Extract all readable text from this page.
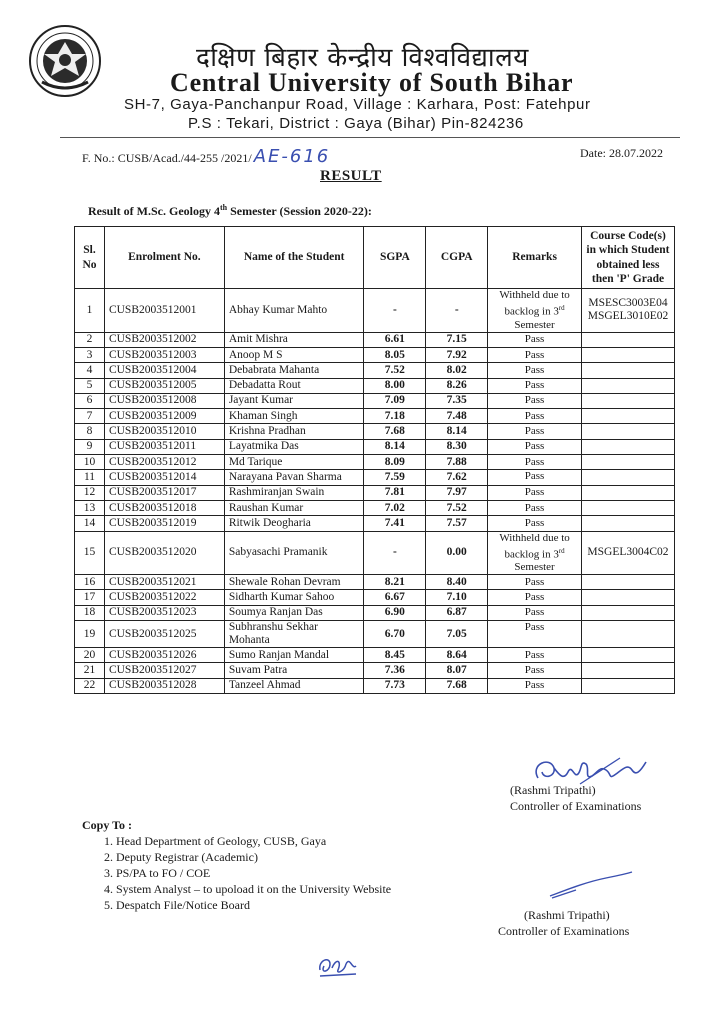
दक्षिण बिहार केन्द्रीय विश्वविद्यालय
Central University of South Bihar
SH-7, Gaya-Panchanpur Road, Village : Karhara, Post: Fatehpur
P.S : Tekari, District : Gaya (Bihar) Pin-824236
F. No.: CUSB/Acad./44-255 /2021/ AE-616	Date: 28.07.2022
RESULT
Result of M.Sc. Geology 4th Semester (Session 2020-22):
Sl. No	Enrolment No.	Name of the Student	SGPA	CGPA	Remarks	Course Code(s) in which Student obtained less then 'P' Grade
1	CUSB2003512001	Abhay Kumar Mahto	-	-	Withheld due to backlog in 3rd Semester	MSESC3003E04 MSGEL3010E02
2	CUSB2003512002	Amit Mishra	6.61	7.15	Pass	
3	CUSB2003512003	Anoop M S	8.05	7.92	Pass	
4	CUSB2003512004	Debabrata Mahanta	7.52	8.02	Pass	
5	CUSB2003512005	Debadatta Rout	8.00	8.26	Pass	
6	CUSB2003512008	Jayant Kumar	7.09	7.35	Pass	
7	CUSB2003512009	Khaman Singh	7.18	7.48	Pass	
8	CUSB2003512010	Krishna Pradhan	7.68	8.14	Pass	
9	CUSB2003512011	Layatmika Das	8.14	8.30	Pass	
10	CUSB2003512012	Md Tarique	8.09	7.88	Pass	
11	CUSB2003512014	Narayana Pavan Sharma	7.59	7.62	Pass	
12	CUSB2003512017	Rashmiranjan Swain	7.81	7.97	Pass	
13	CUSB2003512018	Raushan Kumar	7.02	7.52	Pass	
14	CUSB2003512019	Ritwik Deogharia	7.41	7.57	Pass	
15	CUSB2003512020	Sabyasachi Pramanik	-	0.00	Withheld due to backlog in 3rd Semester	MSGEL3004C02
16	CUSB2003512021	Shewale Rohan Devram	8.21	8.40	Pass	
17	CUSB2003512022	Sidharth Kumar Sahoo	6.67	7.10	Pass	
18	CUSB2003512023	Soumya Ranjan Das	6.90	6.87	Pass	
19	CUSB2003512025	Subhranshu Sekhar Mohanta	6.70	7.05	Pass	
20	CUSB2003512026	Sumo Ranjan Mandal	8.45	8.64	Pass	
21	CUSB2003512027	Suvam Patra	7.36	8.07	Pass	
22	CUSB2003512028	Tanzeel Ahmad	7.73	7.68	Pass	
(Rashmi Tripathi)
Controller of Examinations
Copy To :
1. Head Department of Geology, CUSB, Gaya
2. Deputy Registrar (Academic)
3. PS/PA to FO / COE
4. System Analyst – to upoload it on the University Website
5. Despatch File/Notice Board
(Rashmi Tripathi)
Controller of Examinations
